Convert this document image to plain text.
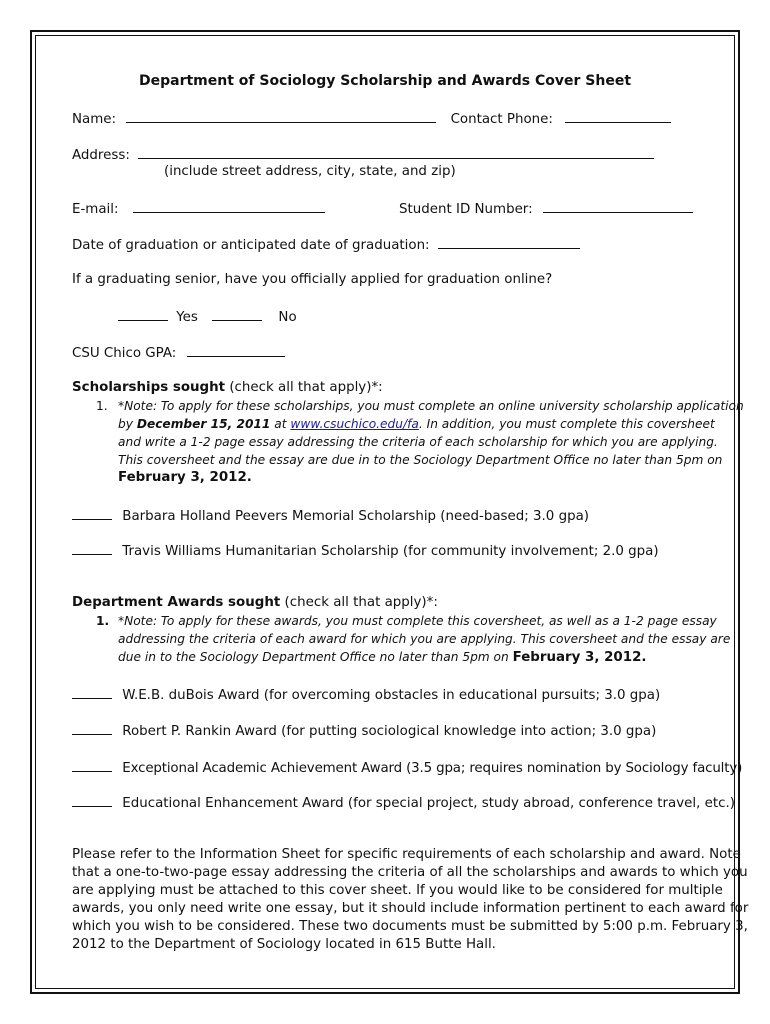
Department of Sociology Scholarship and Awards Cover Sheet
Name:	Contact Phone:
Address:
(include street address, city, state, and zip)
E-mail:	Student ID Number:
Date of graduation or anticipated date of graduation:
If a graduating senior, have you officially applied for graduation online?
Yes	No
CSU Chico GPA:
Scholarships sought (check all that apply)*:
1. *Note: To apply for these scholarships, you must complete an online university scholarship application
by December 15, 2011 at www.csuchico.edu/fa. In addition, you must complete this coversheet
and write a 1-2 page essay addressing the criteria of each scholarship for which you are applying.
This coversheet and the essay are due in to the Sociology Department Office no later than 5pm on
February 3, 2012.
Barbara Holland Peevers Memorial Scholarship (need-based; 3.0 gpa)
Travis Williams Humanitarian Scholarship (for community involvement; 2.0 gpa)
Department Awards sought (check all that apply)*:
1. *Note: To apply for these awards, you must complete this coversheet, as well as a 1-2 page essay
addressing the criteria of each award for which you are applying. This coversheet and the essay are
due in to the Sociology Department Office no later than 5pm on February 3, 2012.
W.E.B. duBois Award (for overcoming obstacles in educational pursuits; 3.0 gpa)
Robert P. Rankin Award (for putting sociological knowledge into action; 3.0 gpa)
Exceptional Academic Achievement Award (3.5 gpa; requires nomination by Sociology faculty)
Educational Enhancement Award (for special project, study abroad, conference travel, etc.)
Please refer to the Information Sheet for specific requirements of each scholarship and award. Note
that a one-to-two-page essay addressing the criteria of all the scholarships and awards to which you
are applying must be attached to this cover sheet. If you would like to be considered for multiple
awards, you only need write one essay, but it should include information pertinent to each award for
which you wish to be considered. These two documents must be submitted by 5:00 p.m. February 3,
2012 to the Department of Sociology located in 615 Butte Hall.
